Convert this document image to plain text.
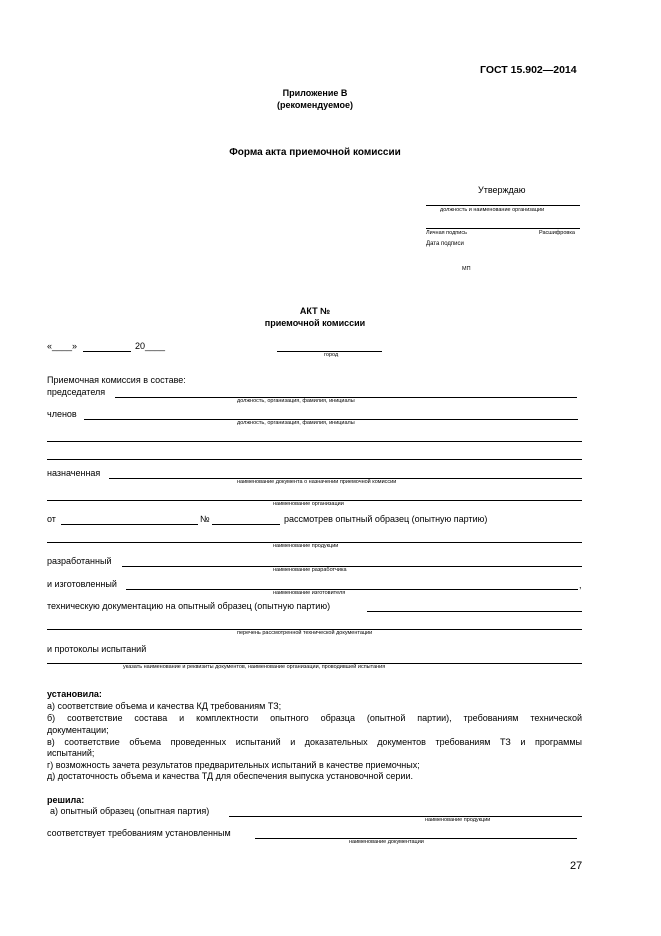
ГОСТ 15.902—2014
Приложение В
(рекомендуемое)
Форма акта приемочной комиссии
Утверждаю
должность и наименование организации
Личная подпись	Расшифровка
Дата подписи
МП
АКТ №
приемочной комиссии
«____»	20____
город
Приемочная комиссия в составе:
председателя
должность, организация, фамилия, инициалы
членов
должность, организация, фамилия, инициалы
назначенная
наименование документа о назначении приемочной комиссии
наименование организации
от	№	рассмотрев опытный образец (опытную партию)
наименование продукции
разработанный
наименование разработчика
и изготовленный	,
наименование изготовителя
техническую документацию на опытный образец (опытную партию)
перечень рассмотренной технической документации
и протоколы испытаний
указать наименование и реквизиты документов, наименование организации, проводившей испытания
установила:
а) соответствие объема и качества КД требованиям ТЗ;
б) соответствие состава и комплектности опытного образца (опытной партии), требованиям технической
документации;
в) соответствие объема проведенных испытаний и доказательных документов требованиям ТЗ и программы
испытаний;
г) возможность зачета результатов предварительных испытаний в качестве приемочных;
д) достаточность объема и качества ТД для обеспечения выпуска установочной серии.
решила:
а) опытный образец (опытная партия)
наименование продукции
соответствует требованиям установленным
наименование документации
27
